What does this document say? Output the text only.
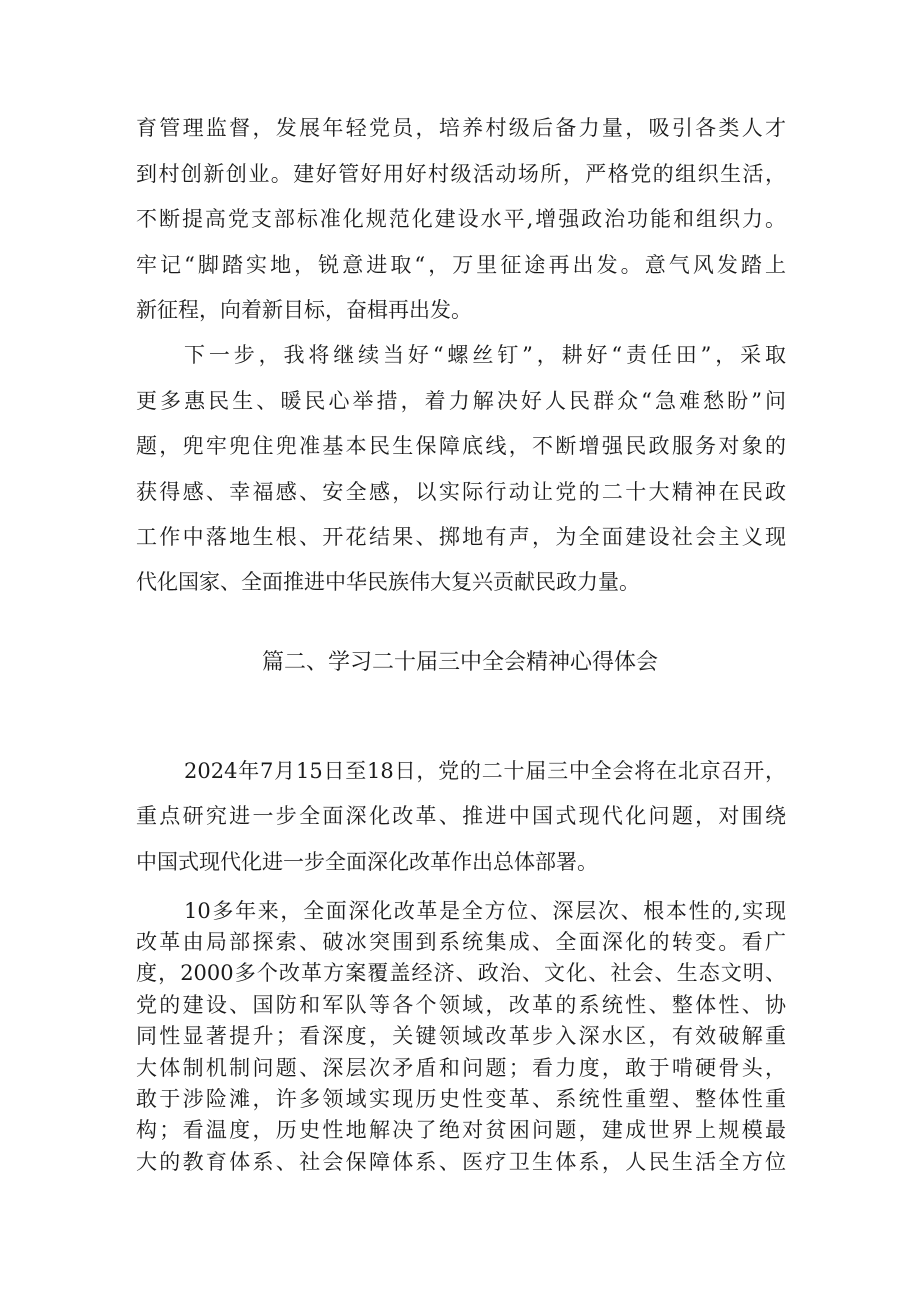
育管理监督，发展年轻党员，培养村级后备力量，吸引各类人才
到村创新创业。建好管好用好村级活动场所，严格党的组织生活，
不断提高党支部标准化规范化建设水平,增强政治功能和组织力。
牢记“脚踏实地，锐意进取“，万里征途再出发。意气风发踏上
新征程，向着新目标，奋楫再出发。
下一步，我将继续当好“螺丝钉”，耕好“责任田”，采取
更多惠民生、暖民心举措，着力解决好人民群众“急难愁盼”问
题，兜牢兜住兜准基本民生保障底线，不断增强民政服务对象的
获得感、幸福感、安全感，以实际行动让党的二十大精神在民政
工作中落地生根、开花结果、掷地有声，为全面建设社会主义现
代化国家、全面推进中华民族伟大复兴贡献民政力量。
篇二、学习二十届三中全会精神心得体会
2024年7月15日至18日，党的二十届三中全会将在北京召开，
重点研究进一步全面深化改革、推进中国式现代化问题，对围绕
中国式现代化进一步全面深化改革作出总体部署。
10多年来，全面深化改革是全方位、深层次、根本性的,实现
改革由局部探索、破冰突围到系统集成、全面深化的转变。看广
度，2000多个改革方案覆盖经济、政治、文化、社会、生态文明、
党的建设、国防和军队等各个领域，改革的系统性、整体性、协
同性显著提升；看深度，关键领域改革步入深水区，有效破解重
大体制机制问题、深层次矛盾和问题；看力度，敢于啃硬骨头，
敢于涉险滩，许多领域实现历史性变革、系统性重塑、整体性重
构；看温度，历史性地解决了绝对贫困问题，建成世界上规模最
大的教育体系、社会保障体系、医疗卫生体系，人民生活全方位
